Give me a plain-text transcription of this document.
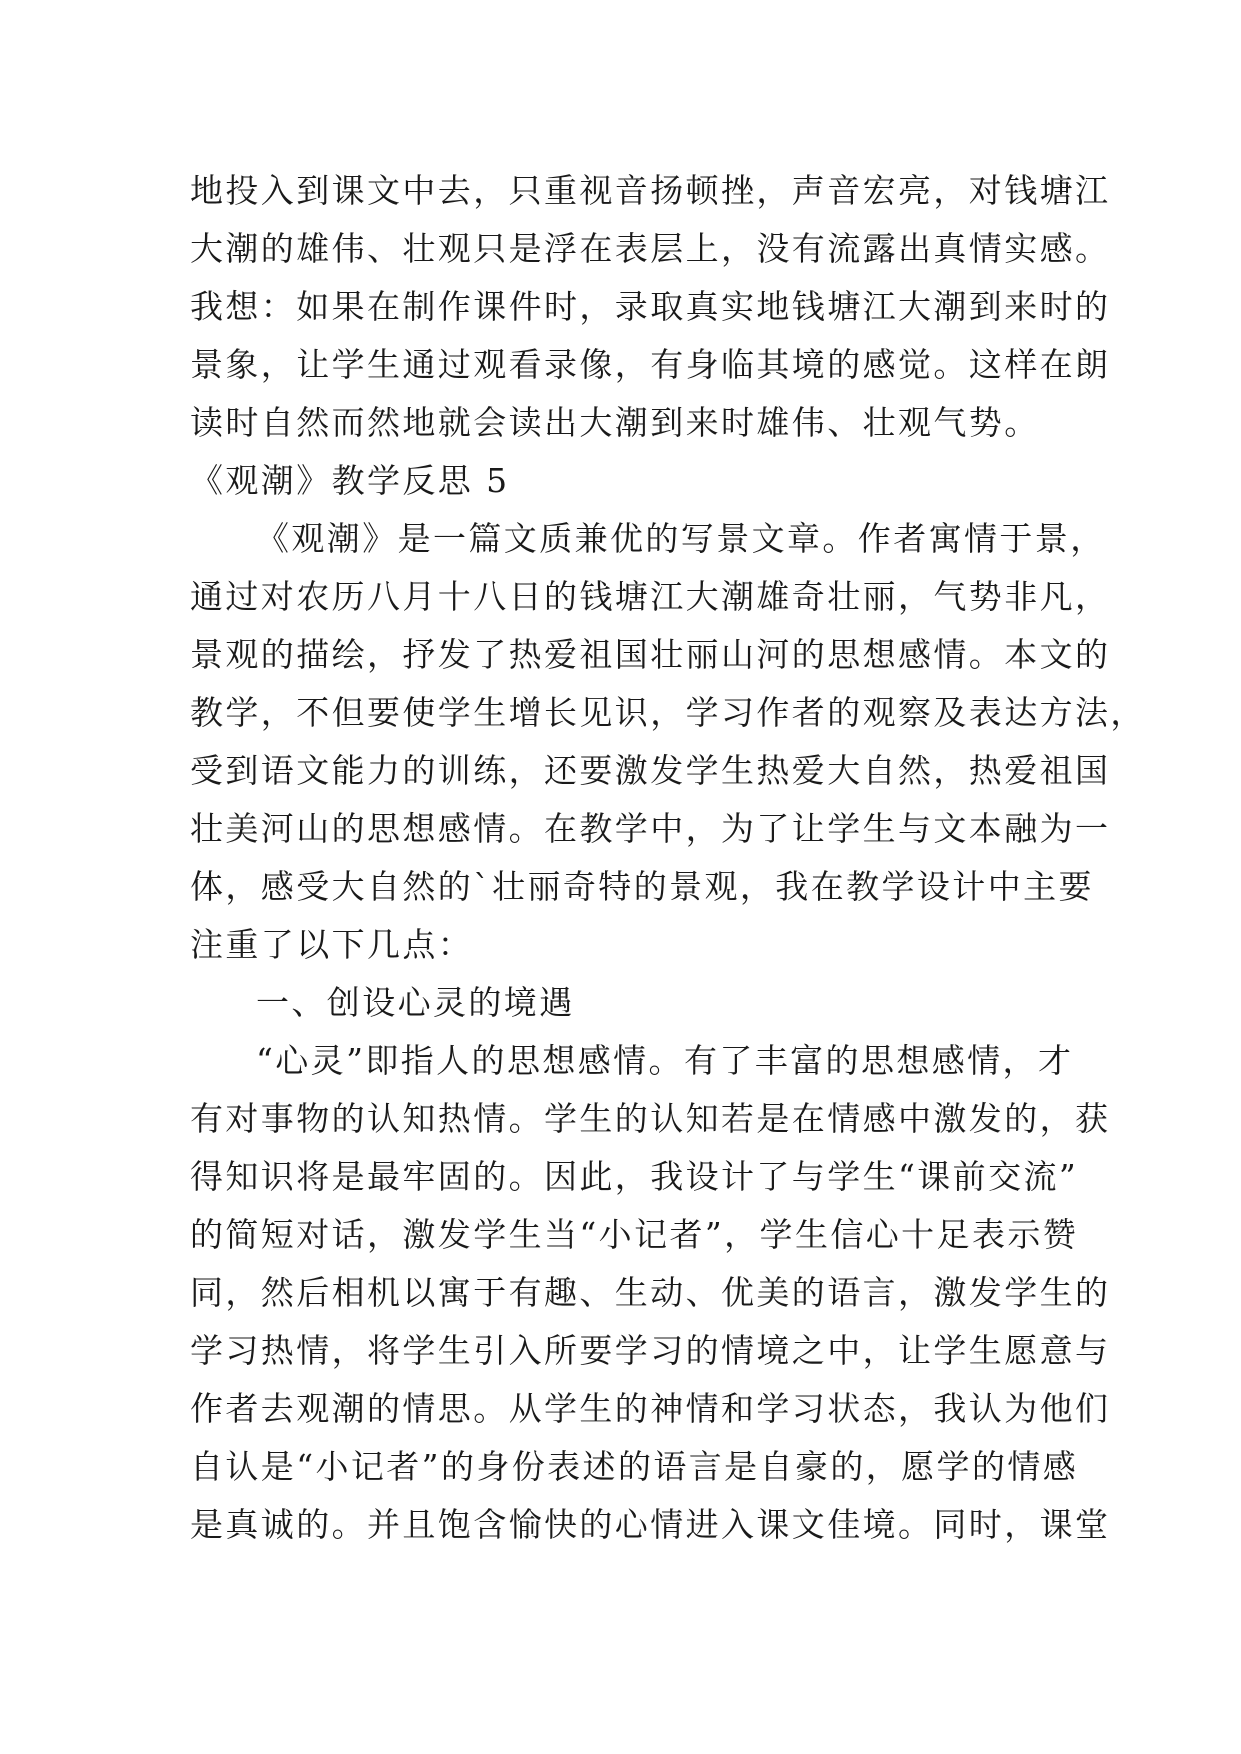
地投入到课文中去，只重视音扬顿挫，声音宏亮，对钱塘江
大潮的雄伟、壮观只是浮在表层上，没有流露出真情实感。
我想：如果在制作课件时，录取真实地钱塘江大潮到来时的
景象，让学生通过观看录像，有身临其境的感觉。这样在朗
读时自然而然地就会读出大潮到来时雄伟、壮观气势。
《观潮》教学反思 5
《观潮》是一篇文质兼优的写景文章。作者寓情于景，
通过对农历八月十八日的钱塘江大潮雄奇壮丽，气势非凡，
景观的描绘，抒发了热爱祖国壮丽山河的思想感情。本文的
教学，不但要使学生增长见识，学习作者的观察及表达方法，
受到语文能力的训练，还要激发学生热爱大自然，热爱祖国
壮美河山的思想感情。在教学中，为了让学生与文本融为一
体，感受大自然的`壮丽奇特的景观，我在教学设计中主要
注重了以下几点：
一、创设心灵的境遇
“心灵”即指人的思想感情。有了丰富的思想感情，才
有对事物的认知热情。学生的认知若是在情感中激发的，获
得知识将是最牢固的。因此，我设计了与学生“课前交流”
的简短对话，激发学生当“小记者”，学生信心十足表示赞
同，然后相机以寓于有趣、生动、优美的语言，激发学生的
学习热情，将学生引入所要学习的情境之中，让学生愿意与
作者去观潮的情思。从学生的神情和学习状态，我认为他们
自认是“小记者”的身份表述的语言是自豪的，愿学的情感
是真诚的。并且饱含愉快的心情进入课文佳境。同时，课堂
